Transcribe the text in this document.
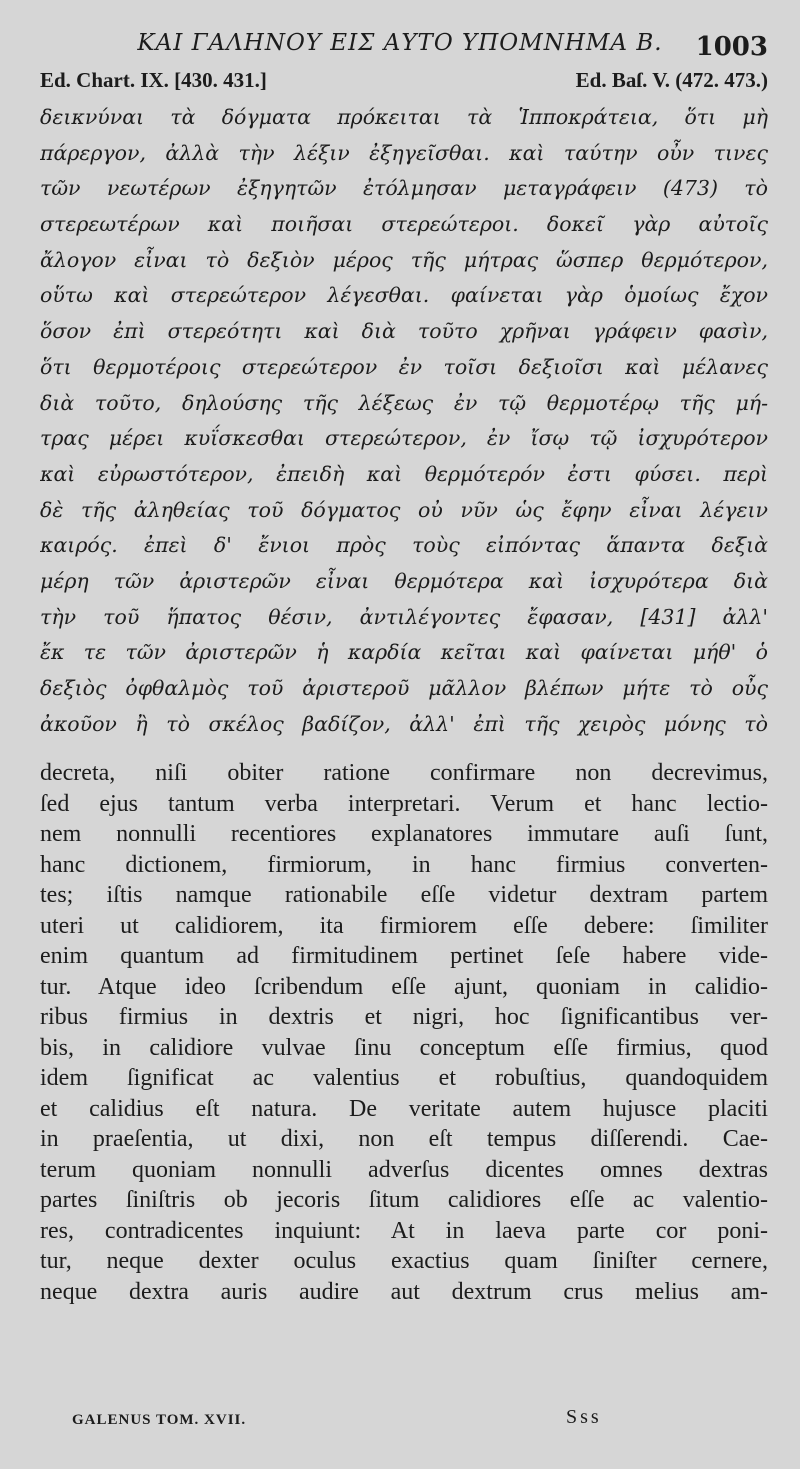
ΚΑΙ ΓΑΛΗΝΟΥ ΕΙΣ ΑΥΤΟ ΥΠΟΜΝΗΜΑ Β.	1003
Ed. Chart. IX. [430. 431.]	Ed. Baſ. V. (472. 473.)
δεικνύναι τὰ δόγματα πρόκειται τὰ Ἱπποκράτεια, ὅτι μὴ
πάρεργον, ἀλλὰ τὴν λέξιν ἐξηγεῖσθαι. καὶ ταύτην οὖν τινες
τῶν νεωτέρων ἐξηγητῶν ἐτόλμησαν μεταγράφειν (473) τὸ
στερεωτέρων καὶ ποιῆσαι στερεώτεροι. δοκεῖ γὰρ αὐτοῖς
ἄλογον εἶναι τὸ δεξιὸν μέρος τῆς μήτρας ὥσπερ θερμότερον,
οὕτω καὶ στερεώτερον λέγεσθαι. φαίνεται γὰρ ὁμοίως ἔχον
ὅσον ἐπὶ στερεότητι καὶ διὰ τοῦτο χρῆναι γράφειν φασὶν,
ὅτι θερμοτέροις στερεώτερον ἐν τοῖσι δεξιοῖσι καὶ μέλανες
διὰ τοῦτο, δηλούσης τῆς λέξεως ἐν τῷ θερμοτέρῳ τῆς μή-
τρας μέρει κυΐσκεσθαι στερεώτερον, ἐν ἴσῳ τῷ ἰσχυρότερον
καὶ εὐρωστότερον, ἐπειδὴ καὶ θερμότερόν ἐστι φύσει. περὶ
δὲ τῆς ἀληθείας τοῦ δόγματος οὐ νῦν ὡς ἔφην εἶναι λέγειν
καιρός. ἐπεὶ δ' ἔνιοι πρὸς τοὺς εἰπόντας ἅπαντα δεξιὰ
μέρη τῶν ἀριστερῶν εἶναι θερμότερα καὶ ἰσχυρότερα διὰ
τὴν τοῦ ἥπατος θέσιν, ἀντιλέγοντες ἔφασαν, [431] ἀλλ'
ἔκ τε τῶν ἀριστερῶν ἡ καρδία κεῖται καὶ φαίνεται μήθ' ὁ
δεξιὸς ὀφθαλμὸς τοῦ ἀριστεροῦ μᾶλλον βλέπων μήτε τὸ οὖς
ἀκοῦον ἢ τὸ σκέλος βαδίζον, ἀλλ' ἐπὶ τῆς χειρὸς μόνης τὸ
decreta, niſi obiter ratione confirmare non decrevimus,
ſed ejus tantum verba interpretari. Verum et hanc lectio-
nem nonnulli recentiores explanatores immutare auſi ſunt,
hanc dictionem, firmiorum, in hanc firmius converten-
tes; iſtis namque rationabile eſſe videtur dextram partem
uteri ut calidiorem, ita firmiorem eſſe debere: ſimiliter
enim quantum ad firmitudinem pertinet ſeſe habere vide-
tur. Atque ideo ſcribendum eſſe ajunt, quoniam in calidio-
ribus firmius in dextris et nigri, hoc ſignificantibus ver-
bis, in calidiore vulvae ſinu conceptum eſſe firmius, quod
idem ſignificat ac valentius et robuſtius, quandoquidem
et calidius eſt natura. De veritate autem hujusce placiti
in praeſentia, ut dixi, non eſt tempus diſſerendi. Cae-
terum quoniam nonnulli adverſus dicentes omnes dextras
partes ſiniſtris ob jecoris ſitum calidiores eſſe ac valentio-
res, contradicentes inquiunt: At in laeva parte cor poni-
tur, neque dexter oculus exactius quam ſiniſter cernere,
neque dextra auris audire aut dextrum crus melius am-
GALENUS TOM. XVII.	Sss
